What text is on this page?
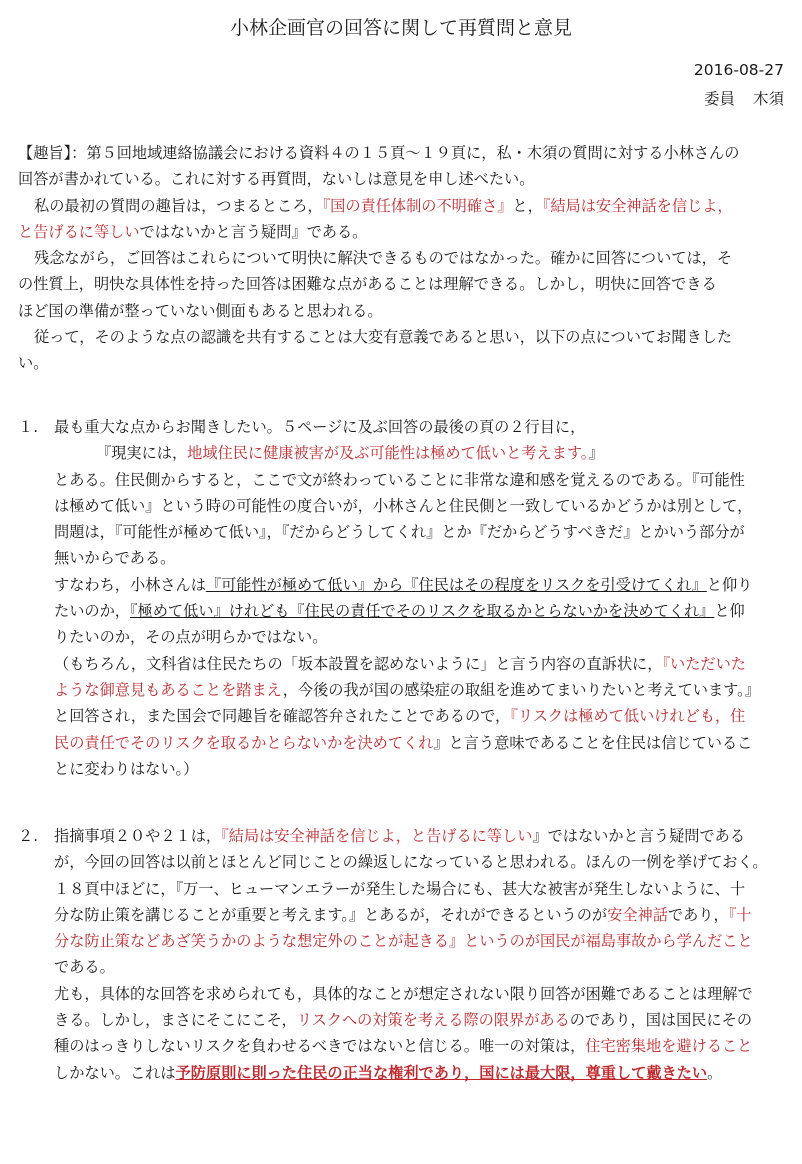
小林企画官の回答に関して再質問と意見
2016-08-27
委員 木須

【趣旨】：第５回地域連絡協議会における資料４の１５頁～１９頁に，私・木須の質問に対する小林さんの

回答が書かれている。これに対する再質問，ないしは意見を申し述べたい。

私の最初の質問の趣旨は，つまるところ，『国の責任体制の不明確さ』と，『結局は安全神話を信じよ，

と告げるに等しいではないかと言う疑問』である。

残念ながら，ご回答はこれらについて明快に解決できるものではなかった。確かに回答については，そ

の性質上，明快な具体性を持った回答は困難な点があることは理解できる。しかし，明快に回答できる

ほど国の準備が整っていない側面もあると思われる。

従って，そのような点の認識を共有することは大変有意義であると思い，以下の点についてお聞きした

い。

１. 最も重大な点からお聞きしたい。５ページに及ぶ回答の最後の頁の２行目に，

『現実には，地域住民に健康被害が及ぶ可能性は極めて低いと考えます。』

とある。住民側からすると，ここで文が終わっていることに非常な違和感を覚えるのである。『可能性

は極めて低い』という時の可能性の度合いが，小林さんと住民側と一致しているかどうかは別として，

問題は，『可能性が極めて低い』，『だからどうしてくれ』とか『だからどうすべきだ』とかいう部分が

無いからである。

すなわち，小林さんは『可能性が極めて低い』から『住民はその程度をリスクを引受けてくれ』と仰り

たいのか，『極めて低い』けれども『住民の責任でそのリスクを取るかとらないかを決めてくれ』と仰

りたいのか，その点が明らかではない。

（もちろん，文科省は住民たちの「坂本設置を認めないように」と言う内容の直訴状に，『いただいた

ような御意見もあることを踏まえ，今後の我が国の感染症の取組を進めてまいりたいと考えています。』

と回答され，また国会で同趣旨を確認答弁されたことであるので，『リスクは極めて低いけれども，住

民の責任でそのリスクを取るかとらないかを決めてくれ』と言う意味であることを住民は信じているこ

とに変わりはない。）

２. 指摘事項２０や２１は，『結局は安全神話を信じよ，と告げるに等しい』ではないかと言う疑問である

が，今回の回答は以前とほとんど同じことの繰返しになっていると思われる。ほんの一例を挙げておく。

１８頁中ほどに，『万一、ヒューマンエラーが発生した場合にも、甚大な被害が発生しないように、十

分な防止策を講じることが重要と考えます。』とあるが，それができるというのが安全神話であり，『十

分な防止策などあざ笑うかのような想定外のことが起きる』というのが国民が福島事故から学んだこと

である。

尤も，具体的な回答を求められても，具体的なことが想定されない限り回答が困難であることは理解で

きる。しかし，まさにそこにこそ，リスクへの対策を考える際の限界があるのであり，国は国民にその

種のはっきりしないリスクを負わせるべきではないと信じる。唯一の対策は，住宅密集地を避けること

しかない。これは予防原則に則った住民の正当な権利であり，国には最大限，尊重して戴きたい。
